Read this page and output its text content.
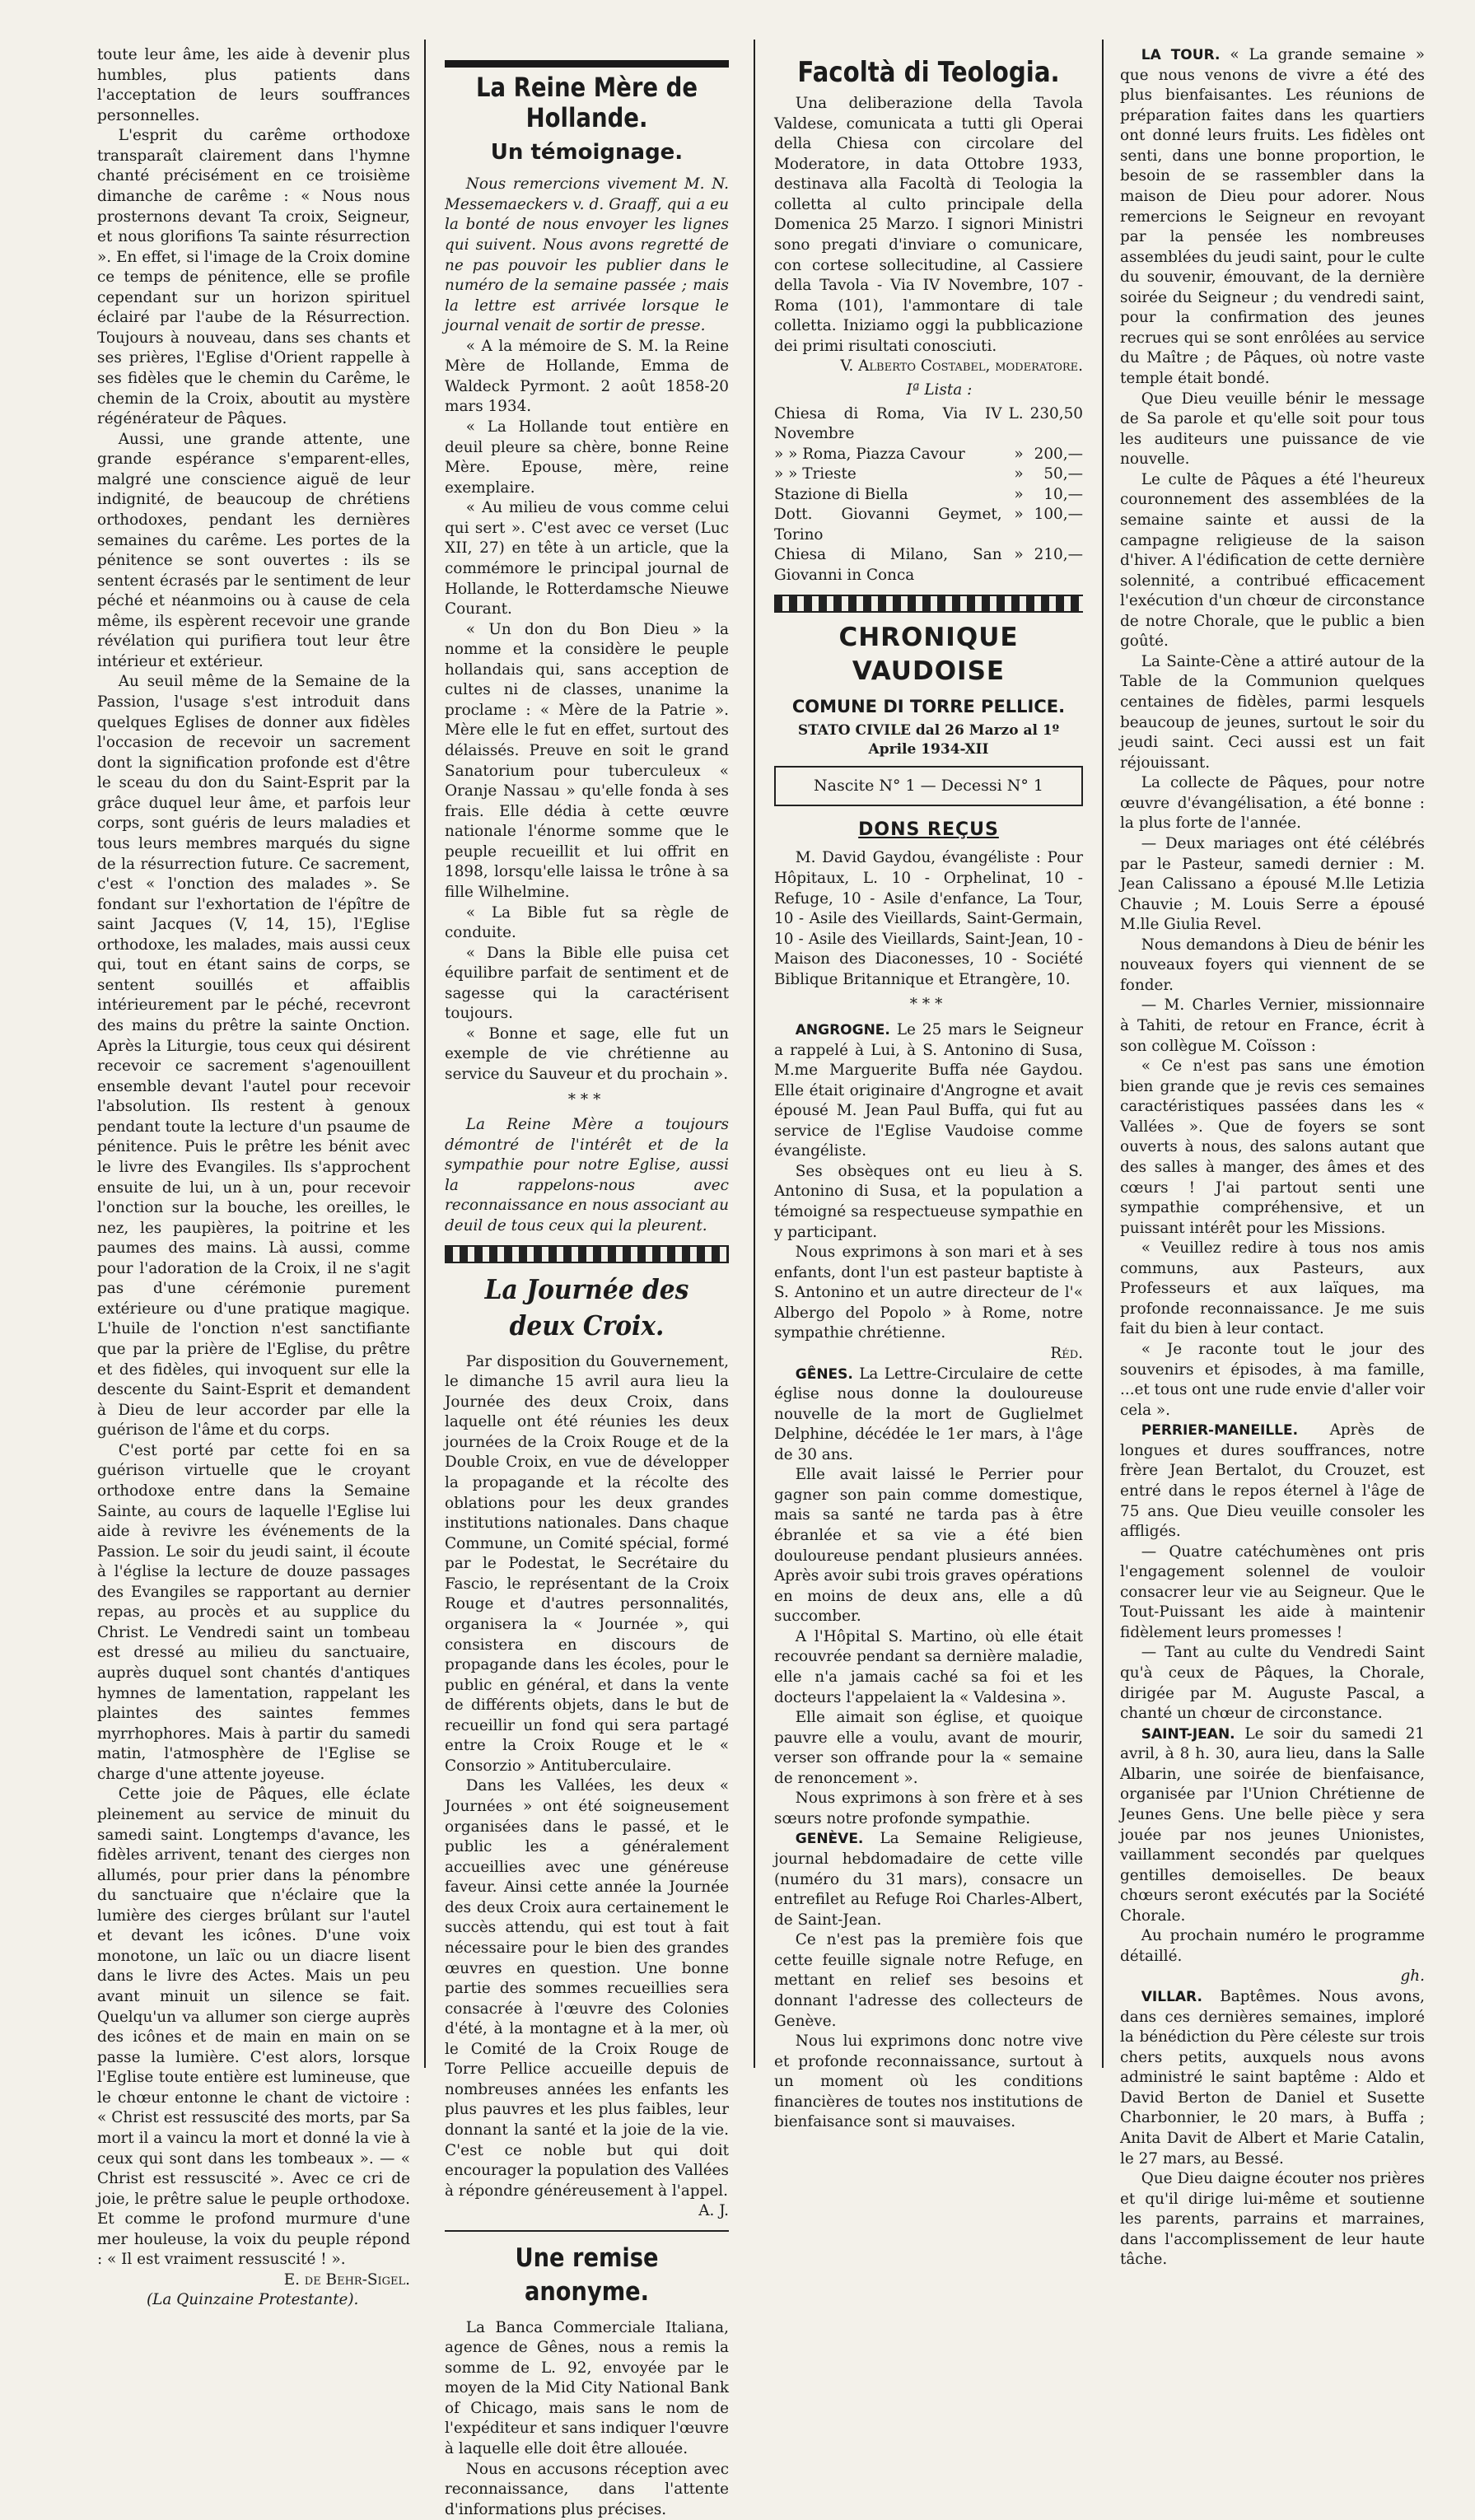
toute leur âme, les aide à devenir plus humbles, plus patients dans l'acceptation de leurs souffrances personnelles.

L'esprit du carême orthodoxe transparaît clairement dans l'hymne chanté précisément en ce troisième dimanche de carême : « Nous nous prosternons devant Ta croix, Seigneur, et nous glorifions Ta sainte résurrection ». En effet, si l'image de la Croix domine ce temps de pénitence, elle se profile cependant sur un horizon spirituel éclairé par l'aube de la Résurrection. Toujours à nouveau, dans ses chants et ses prières, l'Eglise d'Orient rappelle à ses fidèles que le chemin du Carême, le chemin de la Croix, aboutit au mystère régénérateur de Pâques.

Aussi, une grande attente, une grande espérance s'emparent-elles, malgré une conscience aiguë de leur indignité, de beaucoup de chrétiens orthodoxes, pendant les dernières semaines du carême. Les portes de la pénitence se sont ouvertes : ils se sentent écrasés par le sentiment de leur péché et néanmoins ou à cause de cela même, ils espèrent recevoir une grande révélation qui purifiera tout leur être intérieur et extérieur.

Au seuil même de la Semaine de la Passion, l'usage s'est introduit dans quelques Eglises de donner aux fidèles l'occasion de recevoir un sacrement dont la signification profonde est d'être le sceau du don du Saint-Esprit par la grâce duquel leur âme, et parfois leur corps, sont guéris de leurs maladies et tous leurs membres marqués du signe de la résurrection future. Ce sacrement, c'est « l'onction des malades ». Se fondant sur l'exhortation de l'épître de saint Jacques (V, 14, 15), l'Eglise orthodoxe, les malades, mais aussi ceux qui, tout en étant sains de corps, se sentent souillés et affaiblis intérieurement par le péché, recevront des mains du prêtre la sainte Onction. Après la Liturgie, tous ceux qui désirent recevoir ce sacrement s'agenouillent ensemble devant l'autel pour recevoir l'absolution. Ils restent à genoux pendant toute la lecture d'un psaume de pénitence. Puis le prêtre les bénit avec le livre des Evangiles. Ils s'approchent ensuite de lui, un à un, pour recevoir l'onction sur la bouche, les oreilles, le nez, les paupières, la poitrine et les paumes des mains. Là aussi, comme pour l'adoration de la Croix, il ne s'agit pas d'une cérémonie purement extérieure ou d'une pratique magique. L'huile de l'onction n'est sanctifiante que par la prière de l'Eglise, du prêtre et des fidèles, qui invoquent sur elle la descente du Saint-Esprit et demandent à Dieu de leur accorder par elle la guérison de l'âme et du corps.

C'est porté par cette foi en sa guérison virtuelle que le croyant orthodoxe entre dans la Semaine Sainte, au cours de laquelle l'Eglise lui aide à revivre les événements de la Passion. Le soir du jeudi saint, il écoute à l'église la lecture de douze passages des Evangiles se rapportant au dernier repas, au procès et au supplice du Christ. Le Vendredi saint un tombeau est dressé au milieu du sanctuaire, auprès duquel sont chantés d'antiques hymnes de lamentation, rappelant les plaintes des saintes femmes myrrhophores. Mais à partir du samedi matin, l'atmosphère de l'Eglise se charge d'une attente joyeuse.

Cette joie de Pâques, elle éclate pleinement au service de minuit du samedi saint. Longtemps d'avance, les fidèles arrivent, tenant des cierges non allumés, pour prier dans la pénombre du sanctuaire que n'éclaire que la lumière des cierges brûlant sur l'autel et devant les icônes. D'une voix monotone, un laïc ou un diacre lisent dans le livre des Actes. Mais un peu avant minuit un silence se fait. Quelqu'un va allumer son cierge auprès des icônes et de main en main on se passe la lumière. C'est alors, lorsque l'Eglise toute entière est lumineuse, que le chœur entonne le chant de victoire : « Christ est ressuscité des morts, par Sa mort il a vaincu la mort et donné la vie à ceux qui sont dans les tombeaux ». — « Christ est ressuscité ». Avec ce cri de joie, le prêtre salue le peuple orthodoxe. Et comme le profond murmure d'une mer houleuse, la voix du peuple répond : « Il est vraiment ressuscité ! ».

E. de Behr-Sigel.

(La Quinzaine Protestante).

La Reine Mère de Hollande.
Un témoignage.

Nous remercions vivement M. N. Messemaeckers v. d. Graaff, qui a eu la bonté de nous envoyer les lignes qui suivent. Nous avons regretté de ne pas pouvoir les publier dans le numéro de la semaine passée ; mais la lettre est arrivée lorsque le journal venait de sortir de presse.

« A la mémoire de S. M. la Reine Mère de Hollande, Emma de Waldeck Pyrmont. 2 août 1858-20 mars 1934.

« La Hollande tout entière en deuil pleure sa chère, bonne Reine Mère. Epouse, mère, reine exemplaire.

« Au milieu de vous comme celui qui sert ». C'est avec ce verset (Luc XII, 27) en tête à un article, que la commémore le principal journal de Hollande, le Rotterdamsche Nieuwe Courant.

« Un don du Bon Dieu » la nomme et la considère le peuple hollandais qui, sans acception de cultes ni de classes, unanime la proclame : « Mère de la Patrie ». Mère elle le fut en effet, surtout des délaissés. Preuve en soit le grand Sanatorium pour tuberculeux « Oranje Nassau » qu'elle fonda à ses frais. Elle dédia à cette œuvre nationale l'énorme somme que le peuple recueillit et lui offrit en 1898, lorsqu'elle laissa le trône à sa fille Wilhelmine.

« La Bible fut sa règle de conduite.

« Dans la Bible elle puisa cet équilibre parfait de sentiment et de sagesse qui la caractérisent toujours.

« Bonne et sage, elle fut un exemple de vie chrétienne au service du Sauveur et du prochain ».

***

La Reine Mère a toujours démontré de l'intérêt et de la sympathie pour notre Eglise, aussi la rappelons-nous avec reconnaissance en nous associant au deuil de tous ceux qui la pleurent.

La Journée des deux Croix.

Par disposition du Gouvernement, le dimanche 15 avril aura lieu la Journée des deux Croix, dans laquelle ont été réunies les deux journées de la Croix Rouge et de la Double Croix, en vue de développer la propagande et la récolte des oblations pour les deux grandes institutions nationales. Dans chaque Commune, un Comité spécial, formé par le Podestat, le Secrétaire du Fascio, le représentant de la Croix Rouge et d'autres personnalités, organisera la « Journée », qui consistera en discours de propagande dans les écoles, pour le public en général, et dans la vente de différents objets, dans le but de recueillir un fond qui sera partagé entre la Croix Rouge et le « Consorzio » Antituberculaire.

Dans les Vallées, les deux « Journées » ont été soigneusement organisées dans le passé, et le public les a généralement accueillies avec une généreuse faveur. Ainsi cette année la Journée des deux Croix aura certainement le succès attendu, qui est tout à fait nécessaire pour le bien des grandes œuvres en question. Une bonne partie des sommes recueillies sera consacrée à l'œuvre des Colonies d'été, à la montagne et à la mer, où le Comité de la Croix Rouge de Torre Pellice accueille depuis de nombreuses années les enfants les plus pauvres et les plus faibles, leur donnant la santé et la joie de la vie. C'est ce noble but qui doit encourager la population des Vallées à répondre généreusement à l'appel.

A. J.

Une remise anonyme.

La Banca Commerciale Italiana, agence de Gênes, nous a remis la somme de L. 92, envoyée par le moyen de la Mid City National Bank of Chicago, mais sans le nom de l'expéditeur et sans indiquer l'œuvre à laquelle elle doit être allouée.

Nous en accusons réception avec reconnaissance, dans l'attente d'informations plus précises.

Facoltà di Teologia.

Una deliberazione della Tavola Valdese, comunicata a tutti gli Operai della Chiesa con circolare del Moderatore, in data Ottobre 1933, destinava alla Facoltà di Teologia la colletta al culto principale della Domenica 25 Marzo. I signori Ministri sono pregati d'inviare o comunicare, con cortese sollecitudine, al Cassiere della Tavola - Via IV Novembre, 107 - Roma (101), l'ammontare di tale colletta. Iniziamo oggi la pubblicazione dei primi risultati conosciuti.

V. Alberto Costabel, moderatore.

Iª Lista :

Chiesa di Roma, Via IV Novembre	L.	230,50
» » Roma, Piazza Cavour	»	200,—
» » Trieste	»	50,—
Stazione di Biella	»	10,—
Dott. Giovanni Geymet, Torino	»	100,—
Chiesa di Milano, San Giovanni in Conca	»	210,—
CHRONIQUE VAUDOISE
COMUNE DI TORRE PELLICE.
STATO CIVILE dal 26 Marzo al 1º Aprile 1934-XII
Nascite N° 1 — Decessi N° 1
DONS REÇUS

M. David Gaydou, évangéliste : Pour Hôpitaux, L. 10 - Orphelinat, 10 - Refuge, 10 - Asile d'enfance, La Tour, 10 - Asile des Vieillards, Saint-Germain, 10 - Asile des Vieillards, Saint-Jean, 10 - Maison des Diaconesses, 10 - Société Biblique Britannique et Etrangère, 10.

***

ANGROGNE. Le 25 mars le Seigneur a rappelé à Lui, à S. Antonino di Susa, M.me Marguerite Buffa née Gaydou. Elle était originaire d'Angrogne et avait épousé M. Jean Paul Buffa, qui fut au service de l'Eglise Vaudoise comme évangéliste.

Ses obsèques ont eu lieu à S. Antonino di Susa, et la population a témoigné sa respectueuse sympathie en y participant.

Nous exprimons à son mari et à ses enfants, dont l'un est pasteur baptiste à S. Antonino et un autre directeur de l'« Albergo del Popolo » à Rome, notre sympathie chrétienne.

Réd.

GÊNES. La Lettre-Circulaire de cette église nous donne la douloureuse nouvelle de la mort de Guglielmet Delphine, décédée le 1er mars, à l'âge de 30 ans.

Elle avait laissé le Perrier pour gagner son pain comme domestique, mais sa santé ne tarda pas à être ébranlée et sa vie a été bien douloureuse pendant plusieurs années. Après avoir subi trois graves opérations en moins de deux ans, elle a dû succomber.

A l'Hôpital S. Martino, où elle était recouvrée pendant sa dernière maladie, elle n'a jamais caché sa foi et les docteurs l'appelaient la « Valdesina ».

Elle aimait son église, et quoique pauvre elle a voulu, avant de mourir, verser son offrande pour la « semaine de renoncement ».

Nous exprimons à son frère et à ses sœurs notre profonde sympathie.

GENÈVE. La Semaine Religieuse, journal hebdomadaire de cette ville (numéro du 31 mars), consacre un entrefilet au Refuge Roi Charles-Albert, de Saint-Jean.

Ce n'est pas la première fois que cette feuille signale notre Refuge, en mettant en relief ses besoins et donnant l'adresse des collecteurs de Genève.

Nous lui exprimons donc notre vive et profonde reconnaissance, surtout à un moment où les conditions financières de toutes nos institutions de bienfaisance sont si mauvaises.

LA TOUR. « La grande semaine » que nous venons de vivre a été des plus bienfaisantes. Les réunions de préparation faites dans les quartiers ont donné leurs fruits. Les fidèles ont senti, dans une bonne proportion, le besoin de se rassembler dans la maison de Dieu pour adorer. Nous remercions le Seigneur en revoyant par la pensée les nombreuses assemblées du jeudi saint, pour le culte du souvenir, émouvant, de la dernière soirée du Seigneur ; du vendredi saint, pour la confirmation des jeunes recrues qui se sont enrôlées au service du Maître ; de Pâques, où notre vaste temple était bondé.

Que Dieu veuille bénir le message de Sa parole et qu'elle soit pour tous les auditeurs une puissance de vie nouvelle.

Le culte de Pâques a été l'heureux couronnement des assemblées de la semaine sainte et aussi de la campagne religieuse de la saison d'hiver. A l'édification de cette dernière solennité, a contribué efficacement l'exécution d'un chœur de circonstance de notre Chorale, que le public a bien goûté.

La Sainte-Cène a attiré autour de la Table de la Communion quelques centaines de fidèles, parmi lesquels beaucoup de jeunes, surtout le soir du jeudi saint. Ceci aussi est un fait réjouissant.

La collecte de Pâques, pour notre œuvre d'évangélisation, a été bonne : la plus forte de l'année.

— Deux mariages ont été célébrés par le Pasteur, samedi dernier : M. Jean Calissano a épousé M.lle Letizia Chauvie ; M. Louis Serre a épousé M.lle Giulia Revel.

Nous demandons à Dieu de bénir les nouveaux foyers qui viennent de se fonder.

— M. Charles Vernier, missionnaire à Tahiti, de retour en France, écrit à son collègue M. Coïsson :

« Ce n'est pas sans une émotion bien grande que je revis ces semaines caractéristiques passées dans les « Vallées ». Que de foyers se sont ouverts à nous, des salons autant que des salles à manger, des âmes et des cœurs ! J'ai partout senti une sympathie compréhensive, et un puissant intérêt pour les Missions.

« Veuillez redire à tous nos amis communs, aux Pasteurs, aux Professeurs et aux laïques, ma profonde reconnaissance. Je me suis fait du bien à leur contact.

« Je raconte tout le jour des souvenirs et épisodes, à ma famille, ...et tous ont une rude envie d'aller voir cela ».

PERRIER-MANEILLE. Après de longues et dures souffrances, notre frère Jean Bertalot, du Crouzet, est entré dans le repos éternel à l'âge de 75 ans. Que Dieu veuille consoler les affligés.

— Quatre catéchumènes ont pris l'engagement solennel de vouloir consacrer leur vie au Seigneur. Que le Tout-Puissant les aide à maintenir fidèlement leurs promesses !

— Tant au culte du Vendredi Saint qu'à ceux de Pâques, la Chorale, dirigée par M. Auguste Pascal, a chanté un chœur de circonstance.

SAINT-JEAN. Le soir du samedi 21 avril, à 8 h. 30, aura lieu, dans la Salle Albarin, une soirée de bienfaisance, organisée par l'Union Chrétienne de Jeunes Gens. Une belle pièce y sera jouée par nos jeunes Unionistes, vaillamment secondés par quelques gentilles demoiselles. De beaux chœurs seront exécutés par la Société Chorale.

Au prochain numéro le programme détaillé.

gh.

VILLAR. Baptêmes. Nous avons, dans ces dernières semaines, imploré la bénédiction du Père céleste sur trois chers petits, auxquels nous avons administré le saint baptême : Aldo et David Berton de Daniel et Susette Charbonnier, le 20 mars, à Buffa ; Anita Davit de Albert et Marie Catalin, le 27 mars, au Bessé.

Que Dieu daigne écouter nos prières et qu'il dirige lui-même et soutienne les parents, parrains et marraines, dans l'accomplissement de leur haute tâche.
